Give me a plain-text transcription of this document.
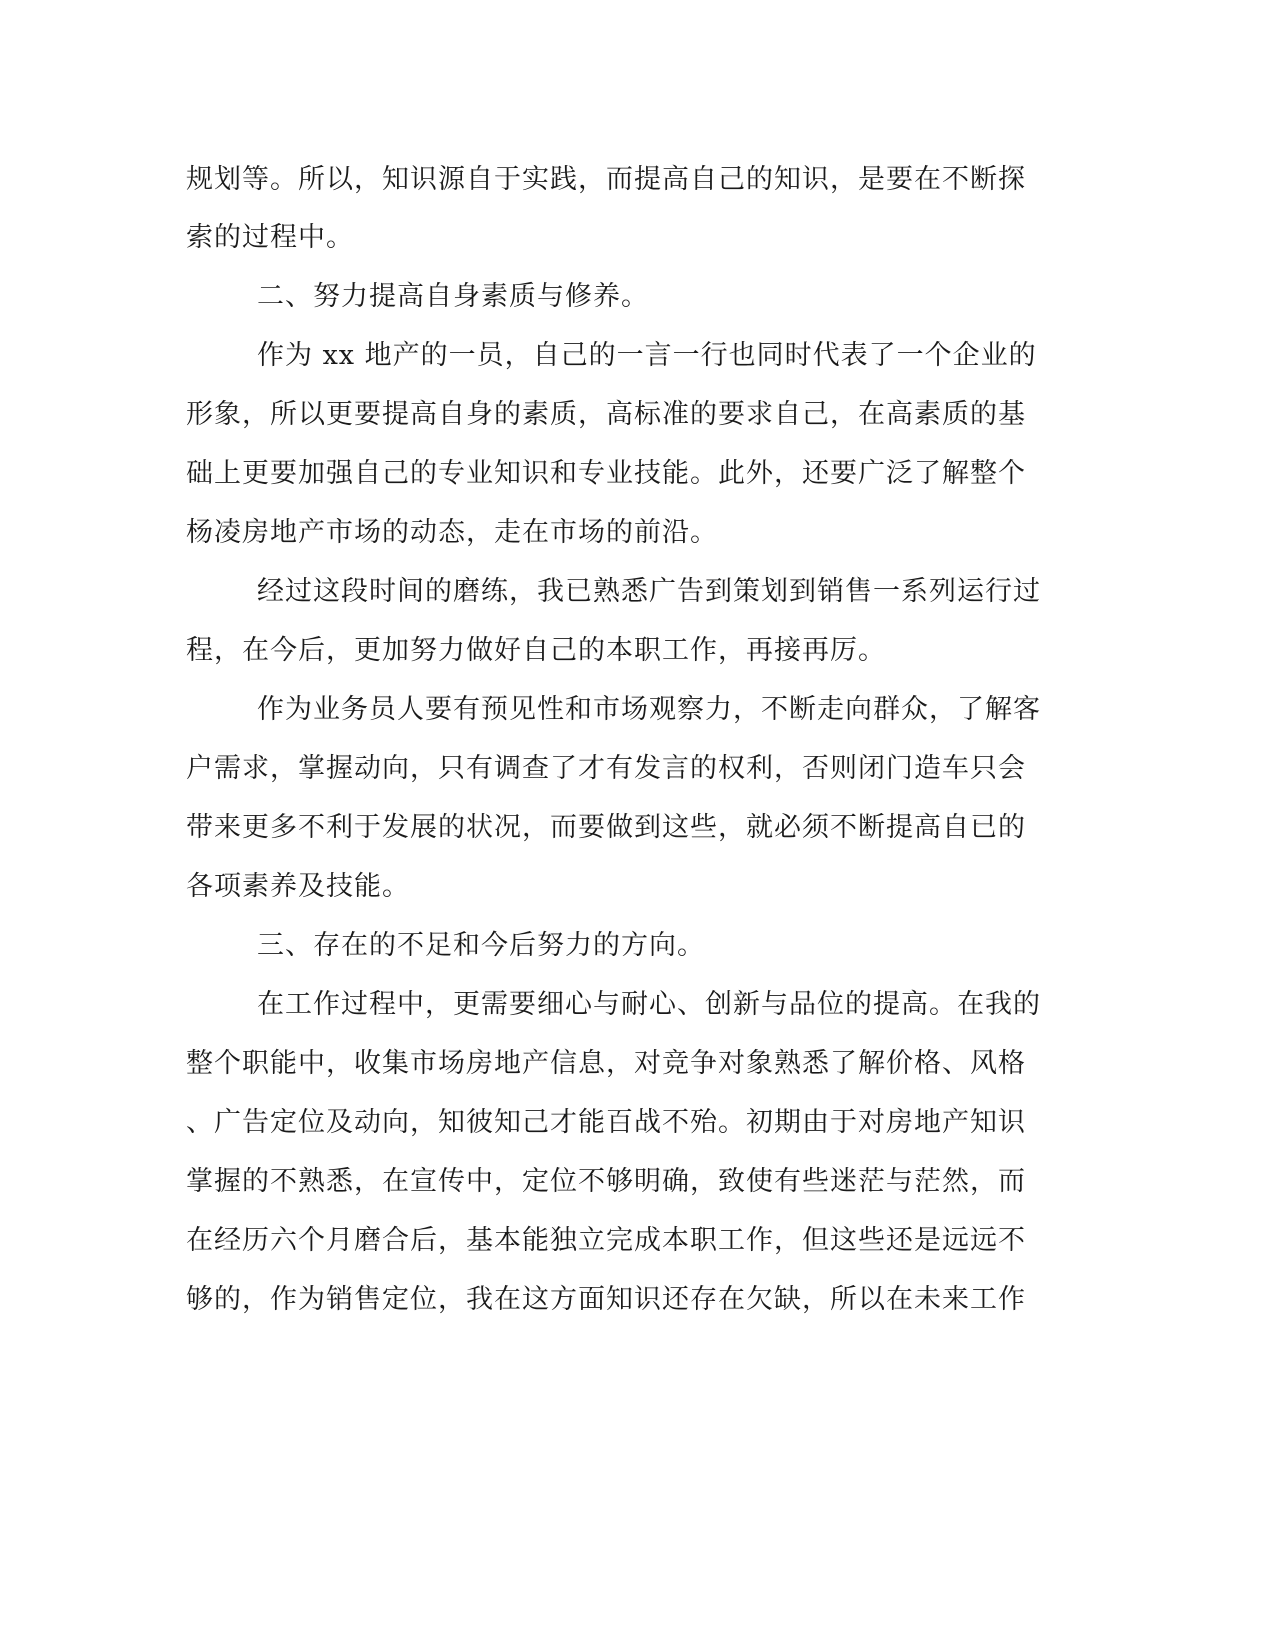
规划等。所以，知识源自于实践，而提高自己的知识，是要在不断探
索的过程中。
二、努力提高自身素质与修养。
作为 xx 地产的一员，自己的一言一行也同时代表了一个企业的
形象，所以更要提高自身的素质，高标准的要求自己，在高素质的基
础上更要加强自己的专业知识和专业技能。此外，还要广泛了解整个
杨凌房地产市场的动态，走在市场的前沿。
经过这段时间的磨练，我已熟悉广告到策划到销售一系列运行过
程，在今后，更加努力做好自己的本职工作，再接再厉。
作为业务员人要有预见性和市场观察力，不断走向群众，了解客
户需求，掌握动向，只有调查了才有发言的权利，否则闭门造车只会
带来更多不利于发展的状况，而要做到这些，就必须不断提高自已的
各项素养及技能。
三、存在的不足和今后努力的方向。
在工作过程中，更需要细心与耐心、创新与品位的提高。在我的
整个职能中，收集市场房地产信息，对竞争对象熟悉了解价格、风格
、广告定位及动向，知彼知己才能百战不殆。初期由于对房地产知识
掌握的不熟悉，在宣传中，定位不够明确，致使有些迷茫与茫然，而
在经历六个月磨合后，基本能独立完成本职工作，但这些还是远远不
够的，作为销售定位，我在这方面知识还存在欠缺，所以在未来工作
